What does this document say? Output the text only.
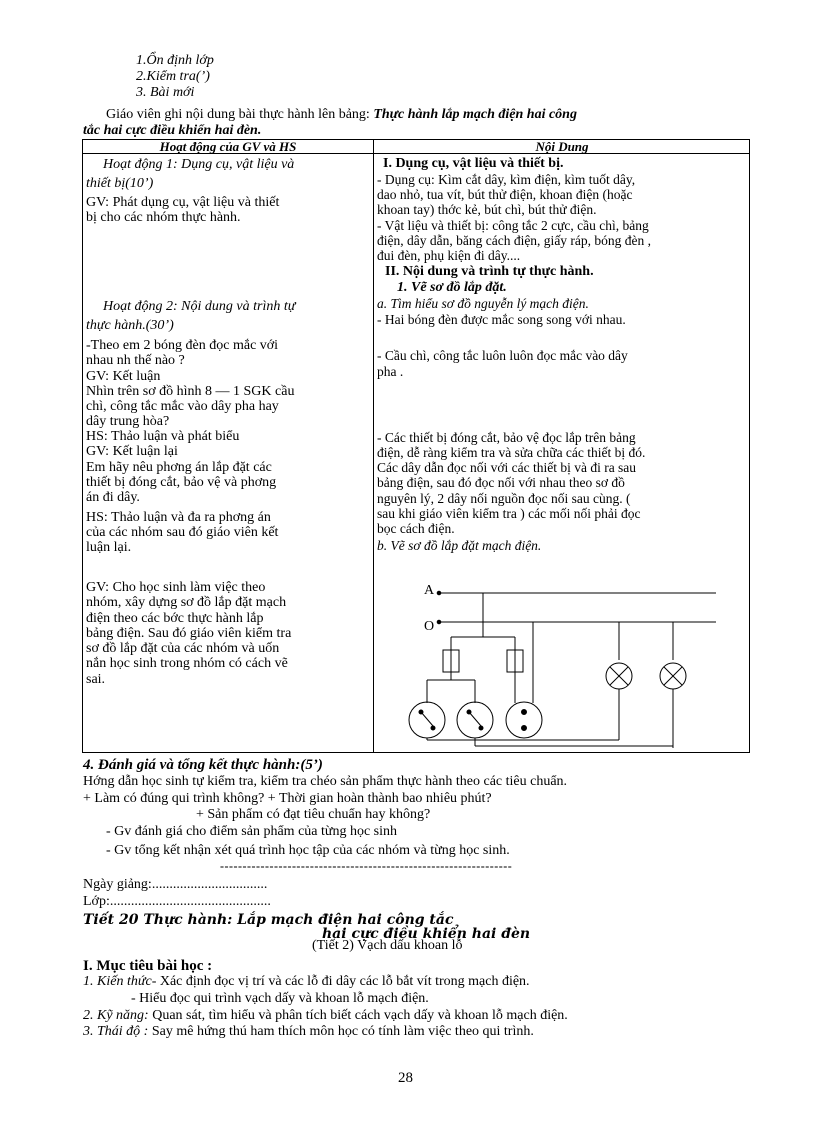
1.Ổn định lớp
2.Kiểm tra(’)
3. Bài mới
Giáo viên ghi nội dung bài thực hành lên bảng: Thực hành lắp mạch điện hai công
tắc hai cực điều khiển hai đèn.
Hoạt động của GV và HS	Nội Dung
Hoạt động 1: Dụng cụ, vật liệu và
thiết bị(10’)
GV: Phát dụng cụ, vật liệu và thiết
bị cho các nhóm thực hành.
Hoạt động 2: Nội dung và trình tự
thực hành.(30’)
-Theo em 2 bóng đèn đọc mắc với
nhau nh thế nào ?
GV: Kết luận
Nhìn trên sơ đồ hình 8 — 1 SGK cầu
chì, công tắc mắc vào dây pha hay
dây trung hòa?
HS: Thảo luận và phát biểu
GV: Kết luận lại
Em hãy nêu phơng án lắp đặt các
thiết bị đóng cắt, bảo vệ và phơng
án đi dây.
HS: Thảo luận và đa ra phơng án
của các nhóm sau đó giáo viên kết
luận lại.
GV: Cho học sinh làm việc theo
nhóm, xây dựng sơ đồ lắp đặt mạch
điện theo các bớc thực hành lắp
bảng điện. Sau đó giáo viên kiểm tra
sơ đồ lắp đặt của các nhóm và uốn
nắn học sinh trong nhóm có cách vẽ
sai.
I. Dụng cụ, vật liệu và thiết bị.
- Dụng cụ: Kìm cắt dây, kìm điện, kìm tuốt dây,
dao nhỏ, tua vít, bút thử điện, khoan điện (hoặc
khoan tay) thớc kẻ, bút chì, bút thử điện.
- Vật liệu và thiết bị: công tắc 2 cực, cầu chì, bảng
điện, dây dẫn, băng cách điện, giấy ráp, bóng đèn ,
đui đèn, phụ kiện đi dây....
II. Nội dung và trình tự thực hành.
1. Vẽ sơ đồ lắp đặt.
a. Tìm hiểu sơ đồ nguyễn lý mạch điện.
- Hai bóng đèn được mắc song song với nhau.
- Cầu chì, công tắc luôn luôn đọc mắc vào dây
pha .
- Các thiết bị đóng cắt, bảo vệ đọc lắp trên bảng
điện, dễ ràng kiểm tra và sửa chữa các thiết bị đó.
Các dây dẫn đọc nối với các thiết bị và đi ra sau
bảng điện, sau đó đọc nối với nhau theo sơ đồ
nguyên lý, 2 dây nối nguồn đọc nối sau cùng. (
sau khi giáo viên kiểm tra ) các mối nối phải đọc
bọc cách điện.
b. Vẽ sơ đồ lắp đặt mạch điện.
A
O
4. Đánh giá và tổng kết thực hành:(5’)
Hớng dẫn học sinh tự kiểm tra, kiểm tra chéo sản phẩm thực hành theo các tiêu chuẩn.
+ Làm có đúng qui trình không? + Thời gian hoàn thành bao nhiêu phút?
+ Sản phẩm có đạt tiêu chuẩn hay không?
- Gv đánh giá cho điểm sản phẩm của từng học sinh
- Gv tổng kết nhận xét quá trình học tập của các nhóm và từng học sinh.
-----------------------------------------------------------------
Ngày giảng:.................................
Lớp:..............................................
Tiết 20 Thực hành: Lắp mạch điện hai công tắc
hai cực điều khiển hai đèn
(Tiết 2) Vạch dấu khoan lỗ
I. Mục tiêu bài học :
1. Kiến thức- Xác định đọc vị trí và các lỗ đi dây các lỗ bắt vít trong mạch điện.
- Hiểu đọc qui trình vạch dấy và khoan lỗ mạch điện.
2. Kỹ năng: Quan sát, tìm hiểu và phân tích biết cách vạch dấy và khoan lỗ mạch điện.
3. Thái độ : Say mê hứng thú ham thích môn học có tính làm việc theo qui trình.
28
